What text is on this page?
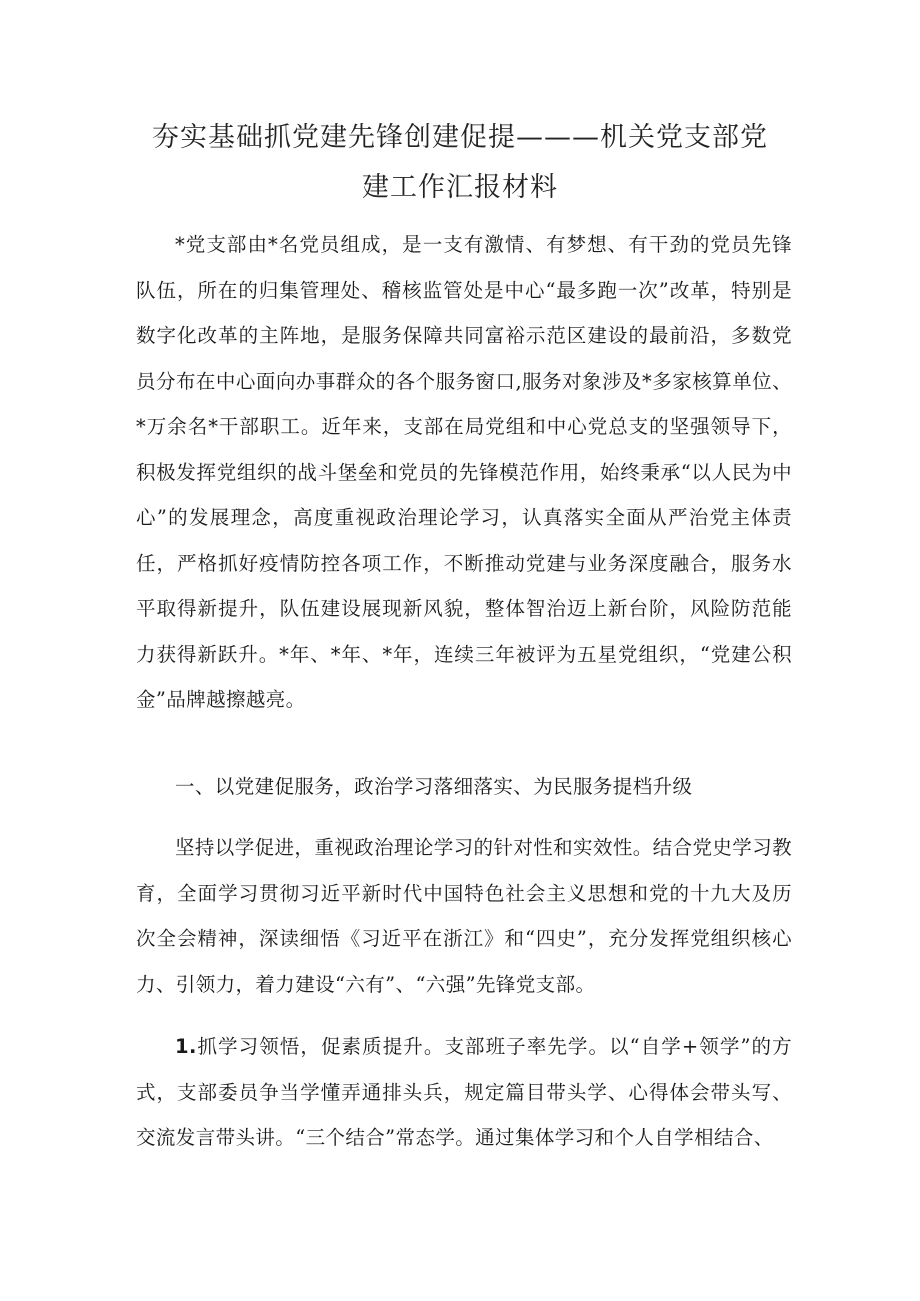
夯实基础抓党建先锋创建促提———机关党支部党
建工作汇报材料

*党支部由*名党员组成，是一支有激情、有梦想、有干劲的党员先锋队伍，所在的归集管理处、稽核监管处是中心“最多跑一次”改革，特别是数字化改革的主阵地，是服务保障共同富裕示范区建设的最前沿，多数党员分布在中心面向办事群众的各个服务窗口,服务对象涉及*多家核算单位、*万余名*干部职工。近年来，支部在局党组和中心党总支的坚强领导下，积极发挥党组织的战斗堡垒和党员的先锋模范作用，始终秉承“以人民为中心”的发展理念，高度重视政治理论学习，认真落实全面从严治党主体责任，严格抓好疫情防控各项工作，不断推动党建与业务深度融合，服务水平取得新提升，队伍建设展现新风貌，整体智治迈上新台阶，风险防范能力获得新跃升。*年、*年、*年，连续三年被评为五星党组织，“党建公积金”品牌越擦越亮。

一、以党建促服务，政治学习落细落实、为民服务提档升级

坚持以学促进，重视政治理论学习的针对性和实效性。结合党史学习教育，全面学习贯彻习近平新时代中国特色社会主义思想和党的十九大及历次全会精神，深读细悟《习近平在浙江》和“四史”，充分发挥党组织核心力、引领力，着力建设“六有”、“六强”先锋党支部。

1.抓学习领悟，促素质提升。支部班子率先学。以“自学+领学”的方式，支部委员争当学懂弄通排头兵，规定篇目带头学、心得体会带头写、交流发言带头讲。“三个结合”常态学。通过集体学习和个人自学相结合、
